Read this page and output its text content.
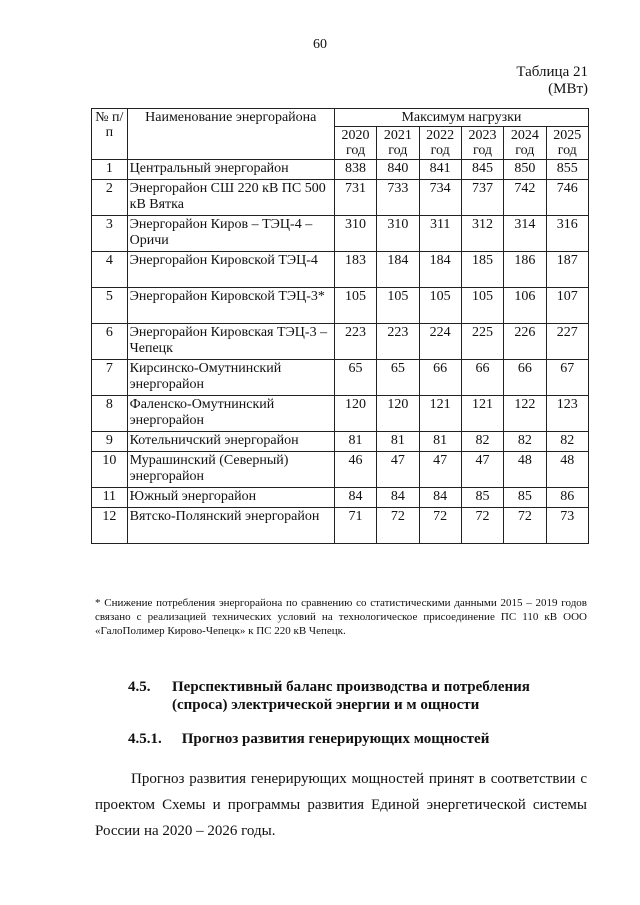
60
Таблица 21
(МВт)
№ п/п	Наименование энергорайона	Максимум нагрузки					
		2020 год	2021 год	2022 год	2023 год	2024 год	2025 год
1	Центральный энергорайон	838	840	841	845	850	855
2	Энергорайон СШ 220 кВ ПС 500 кВ Вятка	731	733	734	737	742	746
3	Энергорайон Киров – ТЭЦ-4 – Оричи	310	310	311	312	314	316
4	Энергорайон Кировской ТЭЦ-4	183	184	184	185	186	187
5	Энергорайон Кировской ТЭЦ-3*	105	105	105	105	106	107
6	Энергорайон Кировская ТЭЦ-3 – Чепецк	223	223	224	225	226	227
7	Кирсинско-Омутнинский энергорайон	65	65	66	66	66	67
8	Фаленско-Омутнинский энергорайон	120	120	121	121	122	123
9	Котельничский энергорайон	81	81	81	82	82	82
10	Мурашинский (Северный) энергорайон	46	47	47	47	48	48
11	Южный энергорайон	84	84	84	85	85	86
12	Вятско-Полянский энергорайон	71	72	72	72	72	73
* Снижение потребления энергорайона по сравнению со статистическими данными 2015 – 2019 годов связано с реализацией технических условий на технологическое присоединение ПС 110 кВ ООО «ГалоПолимер Кирово-Чепецк» к ПС 220 кВ Чепецк.
4.5. Перспективный баланс производства и потребления (спроса) электрической энергии и м ощности
4.5.1. Прогноз развития генерирующих мощностей
Прогноз развития генерирующих мощностей принят в соответствии с проектом Схемы и программы развития Единой энергетической системы России на 2020 – 2026 годы.
